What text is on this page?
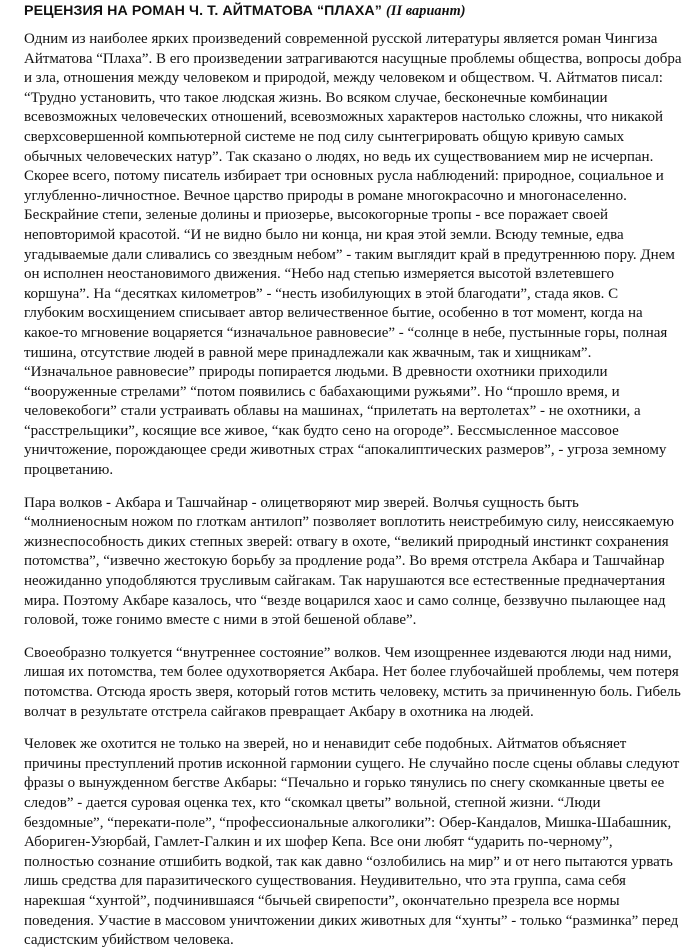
РЕЦЕНЗИЯ НА РОМАН Ч. Т. АЙТМАТОВА “ПЛАХА” (II вариант)

Одним из наиболее ярких произведений современной русской литературы является роман Чингиза Айтматова “Плаха”. В его произведении затрагиваются насущные проблемы общества, вопросы добра и зла, отношения между человеком и природой, между человеком и обществом. Ч. Айтматов писал: “Трудно установить, что такое людская жизнь. Во всяком случае, бесконечные комбинации всевозможных человеческих отношений, всевозможных характеров настолько сложны, что никакой сверхсовершенной компьютерной системе не под силу сынтегрировать общую кривую самых обычных человеческих натур”. Так сказано о людях, но ведь их существованием мир не исчерпан. Скорее всего, потому писатель избирает три основных русла наблюдений: природное, социальное и углубленно-личностное. Вечное царство природы в романе многокрасочно и многонаселенно. Бескрайние степи, зеленые долины и приозерье, высокогорные тропы - все поражает своей неповторимой красотой. “И не видно было ни конца, ни края этой земли. Всюду темные, едва угадываемые дали сливались со звездным небом” - таким выглядит край в предутреннюю пору. Днем он исполнен неостановимого движения. “Небо над степью измеряется высотой взлетевшего коршуна”. На “десятках километров” - “несть изобилующих в этой благодати”, стада яков. С глубоким восхищением списывает автор величественное бытие, особенно в тот момент, когда на какое-то мгновение воцаряется “изначальное равновесие” - “солнце в небе, пустынные горы, полная тишина, отсутствие людей в равной мере принадлежали как жвачным, так и хищникам”. “Изначальное равновесие” природы попирается людьми. В древности охотники приходили “вооруженные стрелами” “потом появились с бабахающими ружьями”. Но “прошло время, и человекобоги” стали устраивать облавы на машинах, “прилетать на вертолетах” - не охотники, а “расстрельщики”, косящие все живое, “как будто сено на огороде”. Бессмысленное массовое уничтожение, порождающее среди животных страх “апокалиптических размеров”, - угроза земному процветанию.

Пара волков - Акбара и Ташчайнар - олицетворяют мир зверей. Волчья сущность быть “молниеносным ножом по глоткам антилоп” позволяет воплотить неистребимую силу, неиссякаемую жизнеспособность диких степных зверей: отвагу в охоте, “великий природный инстинкт сохранения потомства”, “извечно жестокую борьбу за продление рода”. Во время отстрела Акбара и Ташчайнар неожиданно уподобляются трусливым сайгакам. Так нарушаются все естественные предначертания мира. Поэтому Акбаре казалось, что “везде воцарился хаос и само солнце, беззвучно пылающее над головой, тоже гонимо вместе с ними в этой бешеной облаве”.

Своеобразно толкуется “внутреннее состояние” волков. Чем изощреннее издеваются люди над ними, лишая их потомства, тем более одухотворяется Акбара. Нет более глубочайшей проблемы, чем потеря потомства. Отсюда ярость зверя, который готов мстить человеку, мстить за причиненную боль. Гибель волчат в результате отстрела сайгаков превращает Акбару в охотника на людей.

Человек же охотится не только на зверей, но и ненавидит себе подобных. Айтматов объясняет причины преступлений против исконной гармонии сущего. Не случайно после сцены облавы следуют фразы о вынужденном бегстве Акбары: “Печально и горько тянулись по снегу скомканные цветы ее следов” - дается суровая оценка тех, кто “скомкал цветы” вольной, степной жизни. “Люди бездомные”, “перекати-поле”, “профессиональные алкоголики”: Обер-Кандалов, Мишка-Шабашник, Абориген-Узюрбай, Гамлет-Галкин и их шофер Кепа. Все они любят “ударить по-черному”, полностью сознание отшибить водкой, так как давно “озлобились на мир” и от него пытаются урвать лишь средства для паразитического существования. Неудивительно, что эта группа, сама себя нарекшая “хунтой”, подчинившаяся “бычьей свирепости”, окончательно презрела все нормы поведения. Участие в массовом уничтожении диких животных для “хунты” - только “разминка” перед садистским убийством человека.
